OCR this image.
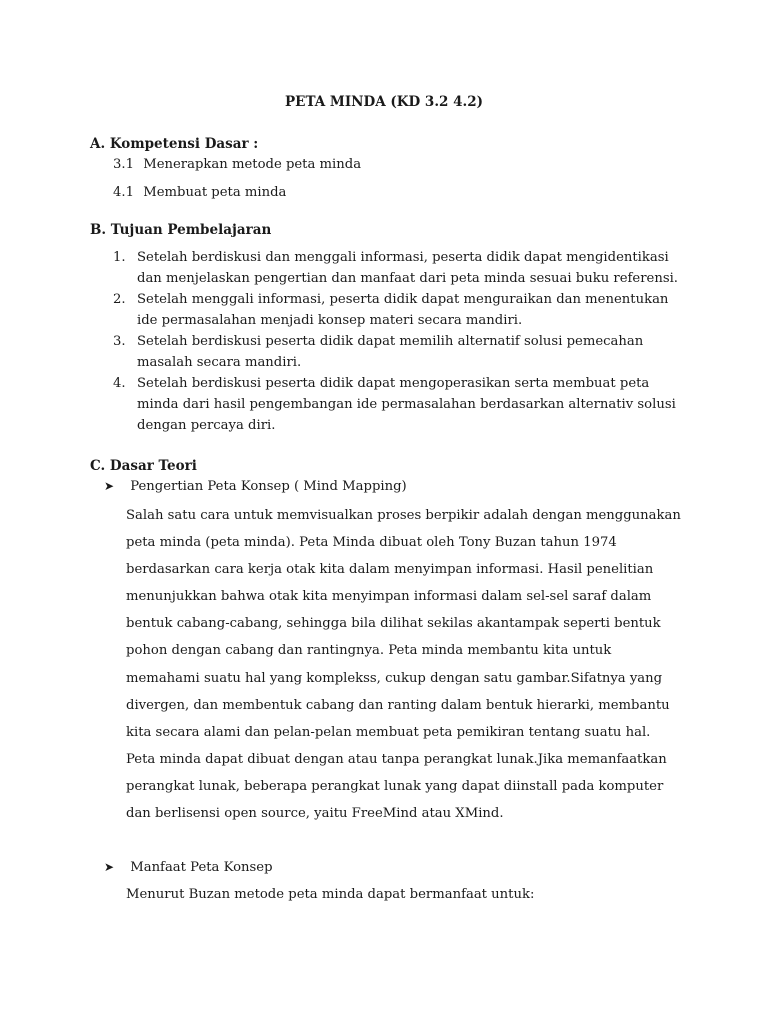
PETA MINDA (KD 3.2 4.2)
A. Kompetensi Dasar :

3.1 Menerapkan metode peta minda

4.1 Membuat peta minda

B. Tujuan Pembelajaran
1. Setelah berdiskusi dan menggali informasi, peserta didik dapat mengidentikasi dan menjelaskan pengertian dan manfaat dari peta minda sesuai buku referensi.
2. Setelah menggali informasi, peserta didik dapat menguraikan dan menentukan ide permasalahan menjadi konsep materi secara mandiri.
3. Setelah berdiskusi peserta didik dapat memilih alternatif solusi pemecahan masalah secara mandiri.
4. Setelah berdiskusi peserta didik dapat mengoperasikan serta membuat peta minda dari hasil pengembangan ide permasalahan berdasarkan alternativ solusi dengan percaya diri.
C. Dasar Teori

➤ Pengertian Peta Konsep ( Mind Mapping)

Salah satu cara untuk memvisualkan proses berpikir adalah dengan menggunakan peta minda (peta minda). Peta Minda dibuat oleh Tony Buzan tahun 1974 berdasarkan cara kerja otak kita dalam menyimpan informasi. Hasil penelitian menunjukkan bahwa otak kita menyimpan informasi dalam sel-sel saraf dalam bentuk cabang-cabang, sehingga bila dilihat sekilas akantampak seperti bentuk pohon dengan cabang dan rantingnya. Peta minda membantu kita untuk memahami suatu hal yang komplekss, cukup dengan satu gambar.Sifatnya yang divergen, dan membentuk cabang dan ranting dalam bentuk hierarki, membantu kita secara alami dan pelan-pelan membuat peta pemikiran tentang suatu hal.

Peta minda dapat dibuat dengan atau tanpa perangkat lunak.Jika memanfaatkan perangkat lunak, beberapa perangkat lunak yang dapat diinstall pada komputer dan berlisensi open source, yaitu FreeMind atau XMind.

➤ Manfaat Peta Konsep

Menurut Buzan metode peta minda dapat bermanfaat untuk:
